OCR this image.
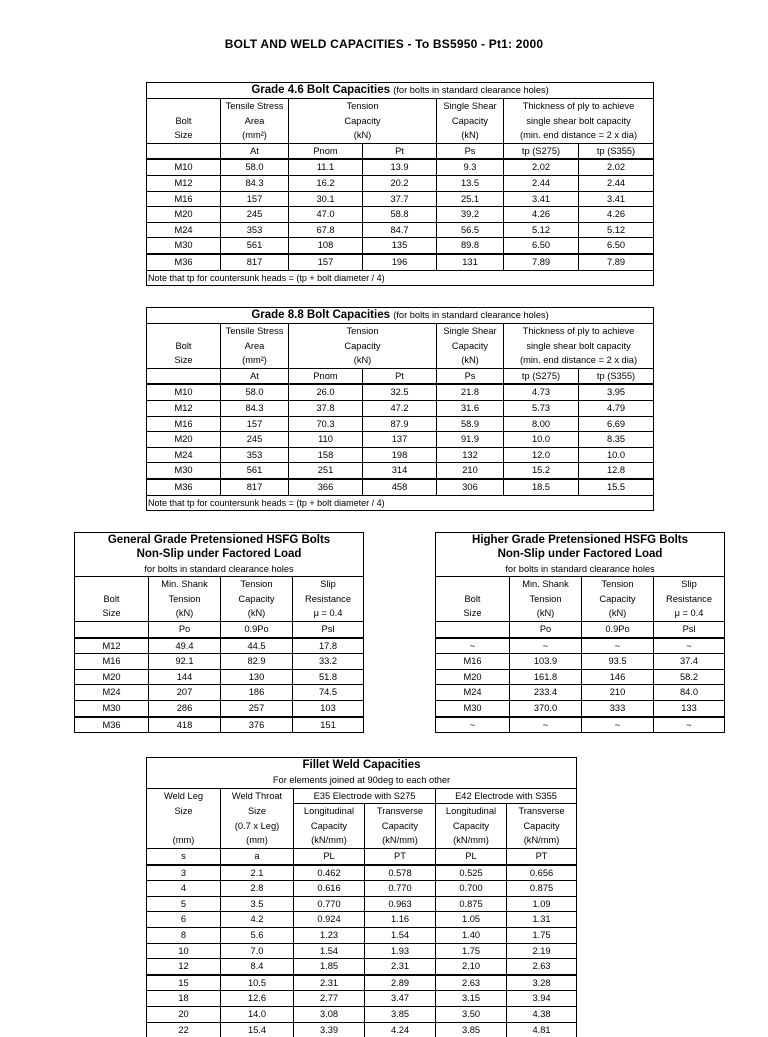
BOLT AND WELD CAPACITIES - To BS5950 - Pt1: 2000
Grade 4.6 Bolt Capacities (for bolts in standard clearance holes)						
	Tensile Stress	Tension		Single Shear	Thickness of ply to achieve	
Bolt	Area	Capacity		Capacity	single shear bolt capacity	
Size	(mm²)	(kN)		(kN)	(min. end distance = 2 x dia)	
	At	Pnom	Pt	Ps	tp (S275)	tp (S355)
M10	58.0	11.1	13.9	9.3	2.02	2.02
M12	84.3	16.2	20.2	13.5	2.44	2.44
M16	157	30.1	37.7	25.1	3.41	3.41
M20	245	47.0	58.8	39.2	4.26	4.26
M24	353	67.8	84.7	56.5	5.12	5.12
M30	561	108	135	89.8	6.50	6.50
M36	817	157	196	131	7.89	7.89
Note that tp for countersunk heads = (tp + bolt diameter / 4)						
Grade 8.8 Bolt Capacities (for bolts in standard clearance holes)						
	Tensile Stress	Tension		Single Shear	Thickness of ply to achieve	
Bolt	Area	Capacity		Capacity	single shear bolt capacity	
Size	(mm²)	(kN)		(kN)	(min. end distance = 2 x dia)	
	At	Pnom	Pt	Ps	tp (S275)	tp (S355)
M10	58.0	26.0	32.5	21.8	4.73	3.95
M12	84.3	37.8	47.2	31.6	5.73	4.79
M16	157	70.3	87.9	58.9	8.00	6.69
M20	245	110	137	91.9	10.0	8.35
M24	353	158	198	132	12.0	10.0
M30	561	251	314	210	15.2	12.8
M36	817	366	458	306	18.5	15.5
Note that tp for countersunk heads = (tp + bolt diameter / 4)						
General Grade Pretensioned HSFG Bolts			
Non-Slip under Factored Load			
for bolts in standard clearance holes			
	Min. Shank	Tension	Slip
Bolt	Tension	Capacity	Resistance
Size	(kN)	(kN)	μ = 0.4
	Po	0.9Po	Psl
M12	49.4	44.5	17.8
M16	92.1	82.9	33.2
M20	144	130	51.8
M24	207	186	74.5
M30	286	257	103
M36	418	376	151
Higher Grade Pretensioned HSFG Bolts			
Non-Slip under Factored Load			
for bolts in standard clearance holes			
	Min. Shank	Tension	Slip
Bolt	Tension	Capacity	Resistance
Size	(kN)	(kN)	μ = 0.4
	Po	0.9Po	Psl
~	~	~	~
M16	103.9	93.5	37.4
M20	161.8	146	58.2
M24	233.4	210	84.0
M30	370.0	333	133
~	~	~	~
Fillet Weld Capacities					
For elements joined at 90deg to each other					
Weld Leg	Weld Throat	E35 Electrode with S275		E42 Electrode with S355	
Size	Size	Longitudinal	Transverse	Longitudinal	Transverse
	(0.7 x Leg)	Capacity	Capacity	Capacity	Capacity
(mm)	(mm)	(kN/mm)	(kN/mm)	(kN/mm)	(kN/mm)
s	a	PL	PT	PL	PT
3	2.1	0.462	0.578	0.525	0.656
4	2.8	0.616	0.770	0.700	0.875
5	3.5	0.770	0.963	0.875	1.09
6	4.2	0.924	1.16	1.05	1.31
8	5.6	1.23	1.54	1.40	1.75
10	7.0	1.54	1.93	1.75	2.19
12	8.4	1.85	2.31	2.10	2.63
15	10.5	2.31	2.89	2.63	3.28
18	12.6	2.77	3.47	3.15	3.94
20	14.0	3.08	3.85	3.50	4.38
22	15.4	3.39	4.24	3.85	4.81
